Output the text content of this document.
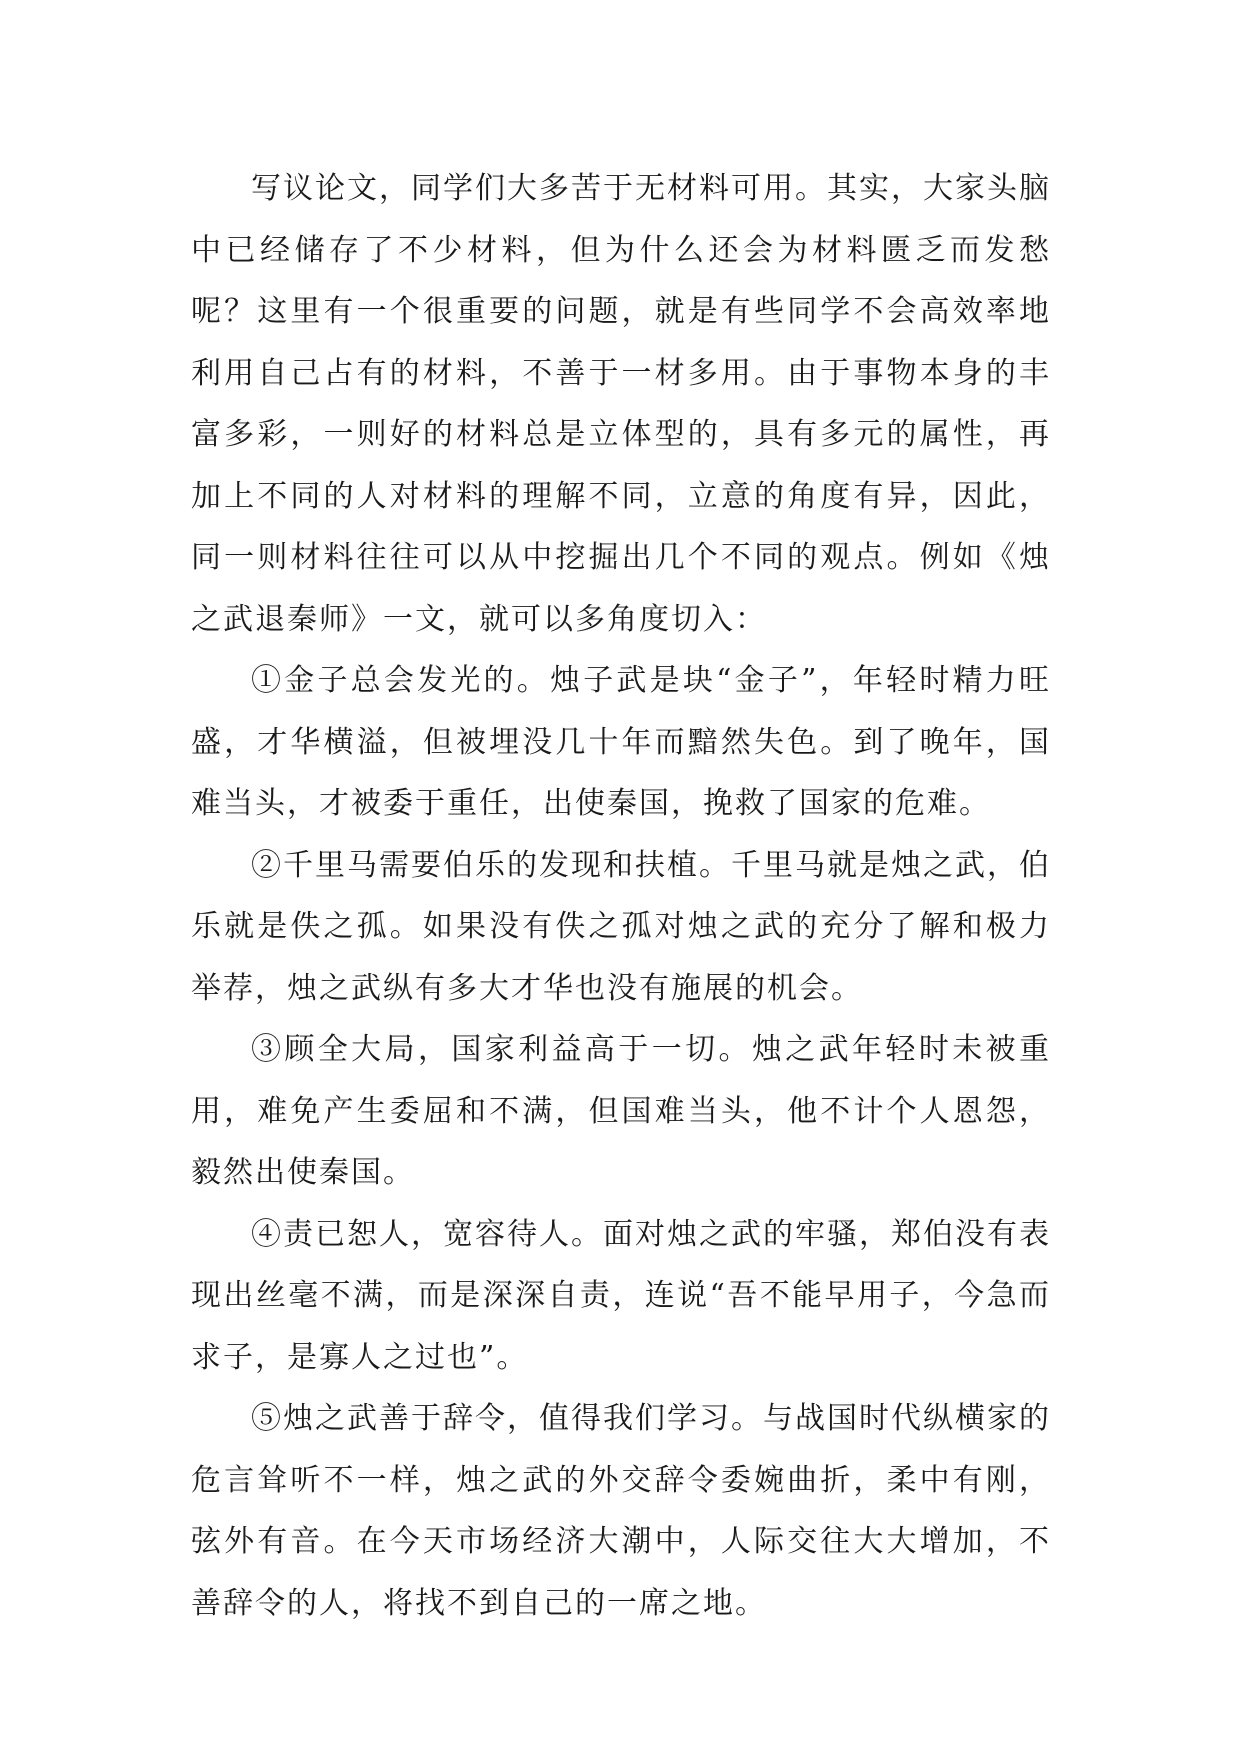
写议论文，同学们大多苦于无材料可用。其实，大家头脑中已经储存了不少材料，但为什么还会为材料匮乏而发愁呢？这里有一个很重要的问题，就是有些同学不会高效率地利用自己占有的材料，不善于一材多用。由于事物本身的丰富多彩，一则好的材料总是立体型的，具有多元的属性，再加上不同的人对材料的理解不同，立意的角度有异，因此，同一则材料往往可以从中挖掘出几个不同的观点。例如《烛之武退秦师》一文，就可以多角度切入：

①金子总会发光的。烛子武是块“金子”，年轻时精力旺盛，才华横溢，但被埋没几十年而黯然失色。到了晚年，国难当头，才被委于重任，出使秦国，挽救了国家的危难。

②千里马需要伯乐的发现和扶植。千里马就是烛之武，伯乐就是佚之孤。如果没有佚之孤对烛之武的充分了解和极力举荐，烛之武纵有多大才华也没有施展的机会。

③顾全大局，国家利益高于一切。烛之武年轻时未被重用，难免产生委屈和不满，但国难当头，他不计个人恩怨，毅然出使秦国。

④责已恕人，宽容待人。面对烛之武的牢骚，郑伯没有表现出丝毫不满，而是深深自责，连说“吾不能早用子，今急而求子，是寡人之过也”。

⑤烛之武善于辞令，值得我们学习。与战国时代纵横家的危言耸听不一样，烛之武的外交辞令委婉曲折，柔中有刚，弦外有音。在今天市场经济大潮中，人际交往大大增加，不善辞令的人，将找不到自己的一席之地。
